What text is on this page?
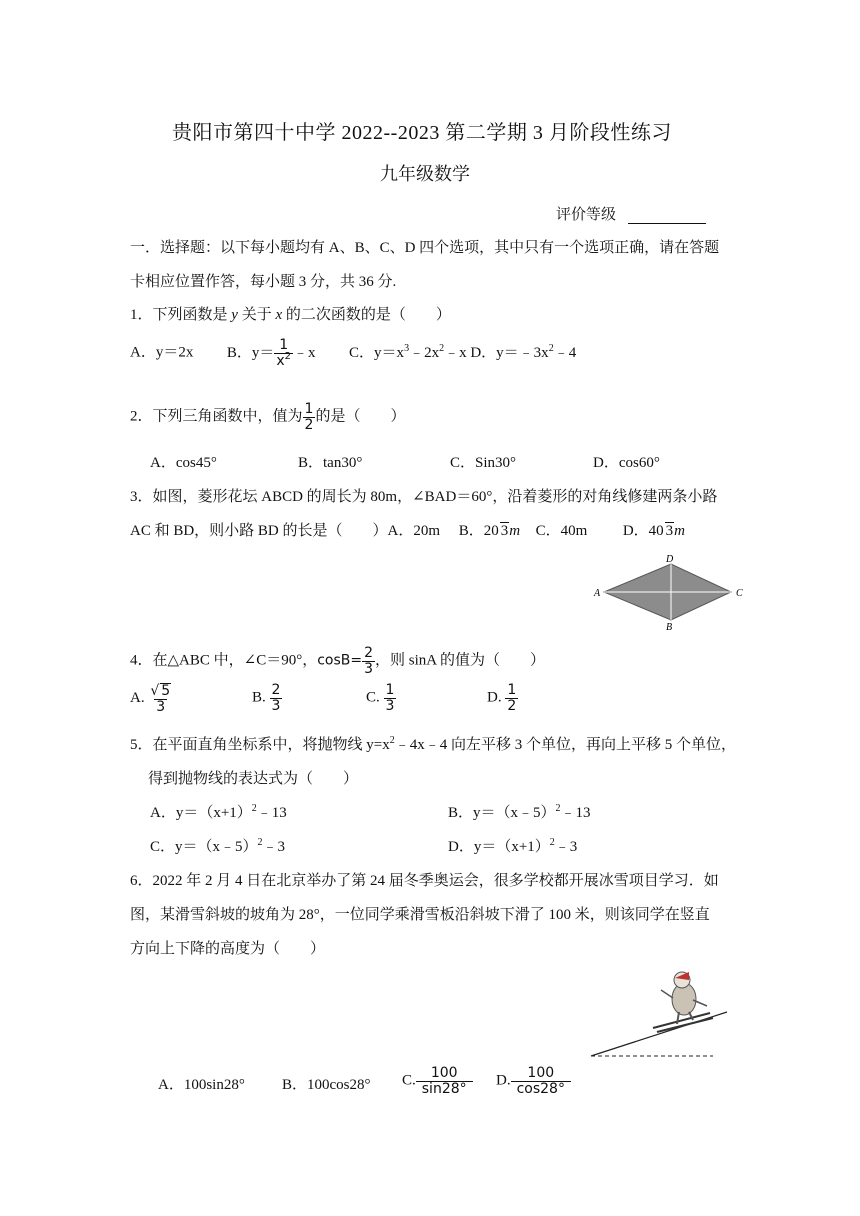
贵阳市第四十中学 2022--2023 第二学期 3 月阶段性练习
九年级数学
评价等级
一．选择题：以下每小题均有 A、B、C、D 四个选项，其中只有一个选项正确，请在答题
卡相应位置作答，每小题 3 分，共 36 分.
1．下列函数是 y 关于 x 的二次函数的是（　　）
A．y＝2x B．$y= \frac{1}{x^2}$ ﹣x C．$y=x^3﹣2x^2﹣x$ D．$y=﹣3x^2﹣4$
2．下列三角函数中，值为 $\frac{1}{2}$ 的是（　　）
A．cos45°	B．tan30°	C．Sin30°	D．cos60°
3．如图，菱形花坛 ABCD 的周长为 80m，∠BAD＝60°，沿着菱形的对角线修建两条小路
AC 和 BD，则小路 BD 的长是（　　）A．20m　 B．20 3m C．40m D．40 3m
A	C
D
B
4．在△ABC 中，∠C＝90°，$\cos B= \frac{2}{3}$ ，则 sinA 的值为（　　）
A. $\frac{√ 5}{3}$	B. $\frac{2}{3}$	C. $\frac{1}{3}$	D. $\frac{1}{2}$
5．在平面直角坐标系中，将抛物线 $y=x^2﹣4x﹣4$ 向左平移 3 个单位，再向上平移 5 个单位，
得到抛物线的表达式为（　　）
A．$y=(x+1)^2﹣13$	B．y＝（x﹣5）$^2$﹣13
C．y＝（x﹣5）$^2$﹣3	D．$y=(x+1)^2﹣3$
6．2022 年 2 月 4 日在北京举办了第 24 届冬季奥运会，很多学校都开展冰雪项目学习．如
图，某滑雪斜坡的坡角为 28°，一位同学乘滑雪板沿斜坡下滑了 100 米，则该同学在竖直
方向上下降的高度为（　　）
A．100sin28° B．100cos28° C. $\frac{100}{\sin 28^\circ} D$. $\frac{100}{\cos 28^\circ}$
